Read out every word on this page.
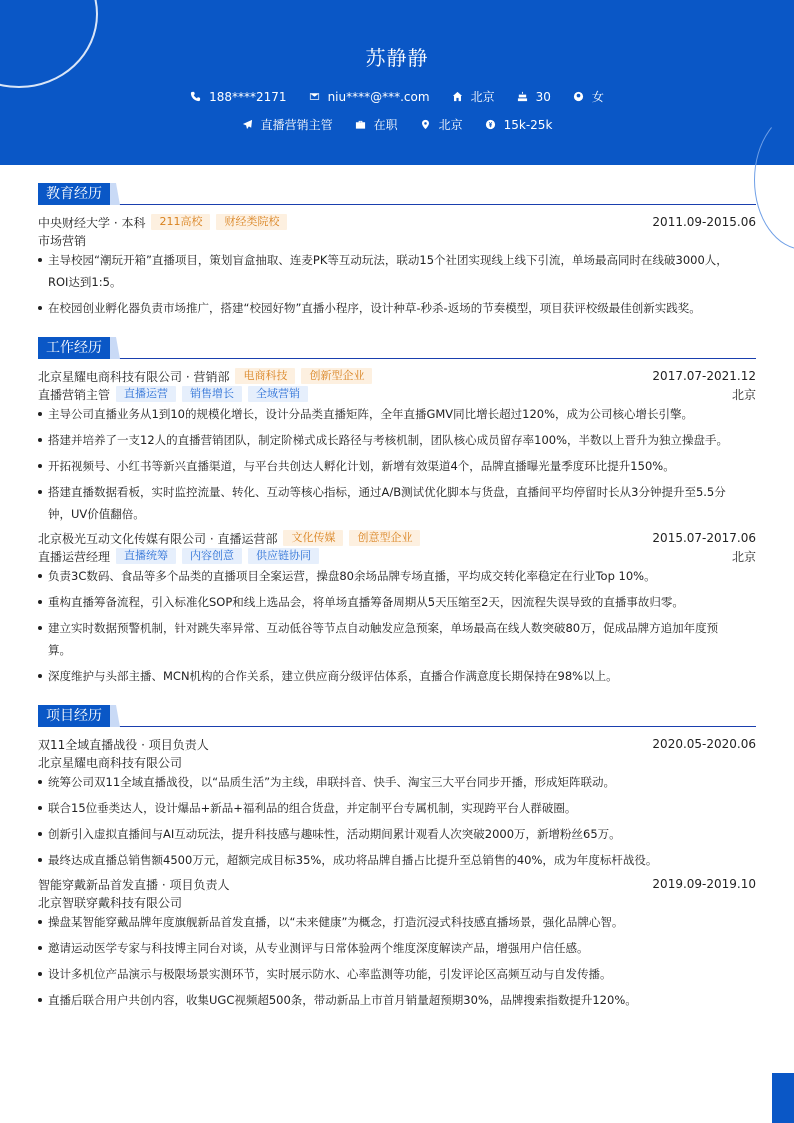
苏静静
188****2171	niu****@***.com	北京	30	女
直播营销主管	在职	北京	15k-25k
教育经历
中央财经大学 · 本科	211高校	财经类院校	2011.09-2015.06
市场营销
主导校园“潮玩开箱”直播项目，策划盲盒抽取、连麦PK等互动玩法，联动15个社团实现线上线下引流，单场最高同时在线破3000人，
ROI达到1:5。
在校园创业孵化器负责市场推广，搭建“校园好物”直播小程序，设计种草-秒杀-返场的节奏模型，项目获评校级最佳创新实践奖。
工作经历
北京星耀电商科技有限公司 · 营销部	电商科技	创新型企业	2017.07-2021.12
直播营销主管	直播运营	销售增长	全域营销	北京
主导公司直播业务从1到10的规模化增长，设计分品类直播矩阵，全年直播GMV同比增长超过120%，成为公司核心增长引擎。
搭建并培养了一支12人的直播营销团队，制定阶梯式成长路径与考核机制，团队核心成员留存率100%，半数以上晋升为独立操盘手。
开拓视频号、小红书等新兴直播渠道，与平台共创达人孵化计划，新增有效渠道4个，品牌直播曝光量季度环比提升150%。
搭建直播数据看板，实时监控流量、转化、互动等核心指标，通过A/B测试优化脚本与货盘，直播间平均停留时长从3分钟提升至5.5分
钟，UV价值翻倍。
北京极光互动文化传媒有限公司 · 直播运营部	文化传媒	创意型企业	2015.07-2017.06
直播运营经理	直播统筹	内容创意	供应链协同	北京
负责3C数码、食品等多个品类的直播项目全案运营，操盘80余场品牌专场直播，平均成交转化率稳定在行业Top 10%。
重构直播筹备流程，引入标准化SOP和线上选品会，将单场直播筹备周期从5天压缩至2天，因流程失误导致的直播事故归零。
建立实时数据预警机制，针对跳失率异常、互动低谷等节点自动触发应急预案，单场最高在线人数突破80万，促成品牌方追加年度预
算。
深度维护与头部主播、MCN机构的合作关系，建立供应商分级评估体系，直播合作满意度长期保持在98%以上。
项目经历
双11全域直播战役 · 项目负责人	2020.05-2020.06
北京星耀电商科技有限公司
统筹公司双11全域直播战役，以“品质生活”为主线，串联抖音、快手、淘宝三大平台同步开播，形成矩阵联动。
联合15位垂类达人，设计爆品+新品+福利品的组合货盘，并定制平台专属机制，实现跨平台人群破圈。
创新引入虚拟直播间与AI互动玩法，提升科技感与趣味性，活动期间累计观看人次突破2000万，新增粉丝65万。
最终达成直播总销售额4500万元，超额完成目标35%，成功将品牌自播占比提升至总销售的40%，成为年度标杆战役。
智能穿戴新品首发直播 · 项目负责人	2019.09-2019.10
北京智联穿戴科技有限公司
操盘某智能穿戴品牌年度旗舰新品首发直播，以“未来健康”为概念，打造沉浸式科技感直播场景，强化品牌心智。
邀请运动医学专家与科技博主同台对谈，从专业测评与日常体验两个维度深度解读产品，增强用户信任感。
设计多机位产品演示与极限场景实测环节，实时展示防水、心率监测等功能，引发评论区高频互动与自发传播。
直播后联合用户共创内容，收集UGC视频超500条，带动新品上市首月销量超预期30%，品牌搜索指数提升120%。
